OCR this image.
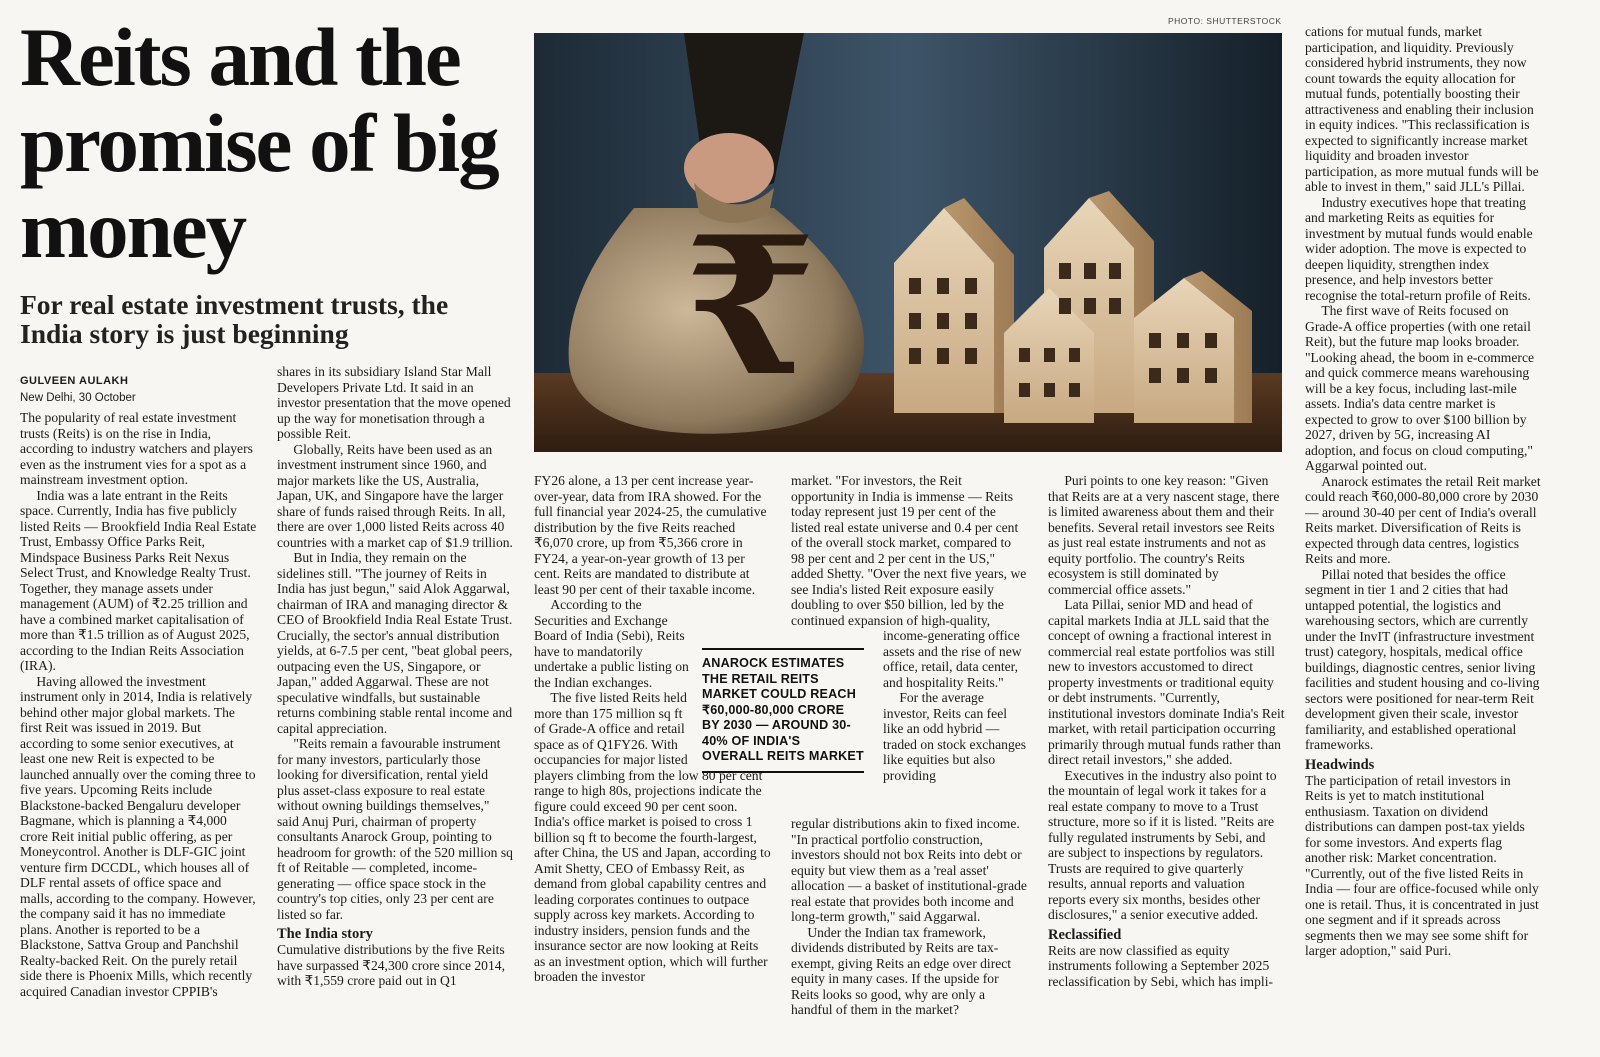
Reits and the promise of big money
For real estate investment trusts, the India story is just beginning
GULVEEN AULAKH
New Delhi, 30 October
PHOTO: SHUTTERSTOCK
₹
ANAROCK ESTIMATES THE RETAIL REITS MARKET COULD REACH ₹60,000-80,000 CRORE BY 2030 — AROUND 30-40% OF INDIA'S OVERALL REITS MARKET

The popularity of real estate investment trusts (Reits) is on the rise in India, according to industry watchers and players even as the instrument vies for a spot as a mainstream investment option.

India was a late entrant in the Reits space. Currently, India has five publicly listed Reits — Brookfield India Real Estate Trust, Embassy Office Parks Reit, Mindspace Business Parks Reit Nexus Select Trust, and Knowledge Realty Trust. Together, they manage assets under management (AUM) of ₹2.25 trillion and have a combined market capitalisation of more than ₹1.5 trillion as of August 2025, according to the Indian Reits Association (IRA).

Having allowed the investment instrument only in 2014, India is relatively behind other major global markets. The first Reit was issued in 2019. But according to some senior executives, at least one new Reit is expected to be launched annually over the coming three to five years. Upcoming Reits include Blackstone-backed Bengaluru developer Bagmane, which is planning a ₹4,000 crore Reit initial public offering, as per Moneycontrol. Another is DLF-GIC joint venture firm DCCDL, which houses all of DLF rental assets of office space and malls, according to the company. However, the company said it has no immediate plans. Another is reported to be a Blackstone, Sattva Group and Panchshil Realty-backed Reit. On the purely retail side there is Phoenix Mills, which recently acquired Canadian investor CPPIB's

shares in its subsidiary Island Star Mall Developers Private Ltd. It said in an investor presentation that the move opened up the way for monetisation through a possible Reit.

Globally, Reits have been used as an investment instrument since 1960, and major markets like the US, Australia, Japan, UK, and Singapore have the larger share of funds raised through Reits. In all, there are over 1,000 listed Reits across 40 countries with a market cap of $1.9 trillion.

But in India, they remain on the sidelines still. "The journey of Reits in India has just begun," said Alok Aggarwal, chairman of IRA and managing director & CEO of Brookfield India Real Estate Trust. Crucially, the sector's annual distribution yields, at 6-7.5 per cent, "beat global peers, outpacing even the US, Singapore, or Japan," added Aggarwal. These are not speculative windfalls, but sustainable returns combining stable rental income and capital appreciation.

"Reits remain a favourable instrument for many investors, particularly those looking for diversification, rental yield plus asset-class exposure to real estate without owning buildings themselves," said Anuj Puri, chairman of property consultants Anarock Group, pointing to headroom for growth: of the 520 million sq ft of Reitable — completed, income-generating — office space stock in the country's top cities, only 23 per cent are listed so far.

The India story

Cumulative distributions by the five Reits have surpassed ₹24,300 crore since 2014, with ₹1,559 crore paid out in Q1

FY26 alone, a 13 per cent increase year-over-year, data from IRA showed. For the full financial year 2024-25, the cumulative distribution by the five Reits reached ₹6,070 crore, up from ₹5,366 crore in FY24, a year-on-year growth of 13 per cent. Reits are mandated to distribute at least 90 per cent of their taxable income.

According to the Securities and Exchange Board of India (Sebi), Reits have to mandatorily undertake a public listing on the Indian exchanges.

The five listed Reits held more than 175 million sq ft of Grade-A office and retail space as of Q1FY26. With occupancies for major listed players climbing from the low 80 per cent range to high 80s, projections indicate the figure could exceed 90 per cent soon. India's office market is poised to cross 1 billion sq ft to become the fourth-largest, after China, the US and Japan, according to Amit Shetty, CEO of Embassy Reit, as demand from global capability centres and leading corporates continues to outpace supply across key markets. According to industry insiders, pension funds and the insurance sector are now looking at Reits as an investment option, which will further broaden the investor

market. "For investors, the Reit opportunity in India is immense — Reits today represent just 19 per cent of the listed real estate universe and 0.4 per cent of the overall stock market, compared to 98 per cent and 2 per cent in the US," added Shetty. "Over the next five years, we see India's listed Reit exposure easily doubling to over $50 billion, led by the continued expansion of high-quality,

income-generating office assets and the rise of new office, retail, data center, and hospitality Reits."

For the average investor, Reits can feel like an odd hybrid — traded on stock exchanges like equities but also providing

regular distributions akin to fixed income. "In practical portfolio construction, investors should not box Reits into debt or equity but view them as a 'real asset' allocation — a basket of institutional-grade real estate that provides both income and long-term growth," said Aggarwal.

Under the Indian tax framework, dividends distributed by Reits are tax-exempt, giving Reits an edge over direct equity in many cases. If the upside for Reits looks so good, why are only a handful of them in the market?

Puri points to one key reason: "Given that Reits are at a very nascent stage, there is limited awareness about them and their benefits. Several retail investors see Reits as just real estate instruments and not as equity portfolio. The country's Reits ecosystem is still dominated by commercial office assets."

Lata Pillai, senior MD and head of capital markets India at JLL said that the concept of owning a fractional interest in commercial real estate portfolios was still new to investors accustomed to direct property investments or traditional equity or debt instruments. "Currently, institutional investors dominate India's Reit market, with retail participation occurring primarily through mutual funds rather than direct retail investors," she added.

Executives in the industry also point to the mountain of legal work it takes for a real estate company to move to a Trust structure, more so if it is listed. "Reits are fully regulated instruments by Sebi, and are subject to inspections by regulators. Trusts are required to give quarterly results, annual reports and valuation reports every six months, besides other disclosures," a senior executive added.

Reclassified

Reits are now classified as equity instruments following a September 2025 reclassification by Sebi, which has impli-

cations for mutual funds, market participation, and liquidity. Previously considered hybrid instruments, they now count towards the equity allocation for mutual funds, potentially boosting their attractiveness and enabling their inclusion in equity indices. "This reclassification is expected to significantly increase market liquidity and broaden investor participation, as more mutual funds will be able to invest in them," said JLL's Pillai.

Industry executives hope that treating and marketing Reits as equities for investment by mutual funds would enable wider adoption. The move is expected to deepen liquidity, strengthen index presence, and help investors better recognise the total-return profile of Reits.

The first wave of Reits focused on Grade-A office properties (with one retail Reit), but the future map looks broader. "Looking ahead, the boom in e-commerce and quick commerce means warehousing will be a key focus, including last-mile assets. India's data centre market is expected to grow to over $100 billion by 2027, driven by 5G, increasing AI adoption, and focus on cloud computing," Aggarwal pointed out.

Anarock estimates the retail Reit market could reach ₹60,000-80,000 crore by 2030 — around 30-40 per cent of India's overall Reits market. Diversification of Reits is expected through data centres, logistics Reits and more.

Pillai noted that besides the office segment in tier 1 and 2 cities that had untapped potential, the logistics and warehousing sectors, which are currently under the InvIT (infrastructure investment trust) category, hospitals, medical office buildings, diagnostic centres, senior living facilities and student housing and co-living sectors were positioned for near-term Reit development given their scale, investor familiarity, and established operational frameworks.

Headwinds

The participation of retail investors in Reits is yet to match institutional enthusiasm. Taxation on dividend distributions can dampen post-tax yields for some investors. And experts flag another risk: Market concentration. "Currently, out of the five listed Reits in India — four are office-focused while only one is retail. Thus, it is concentrated in just one segment and if it spreads across segments then we may see some shift for larger adoption," said Puri.
